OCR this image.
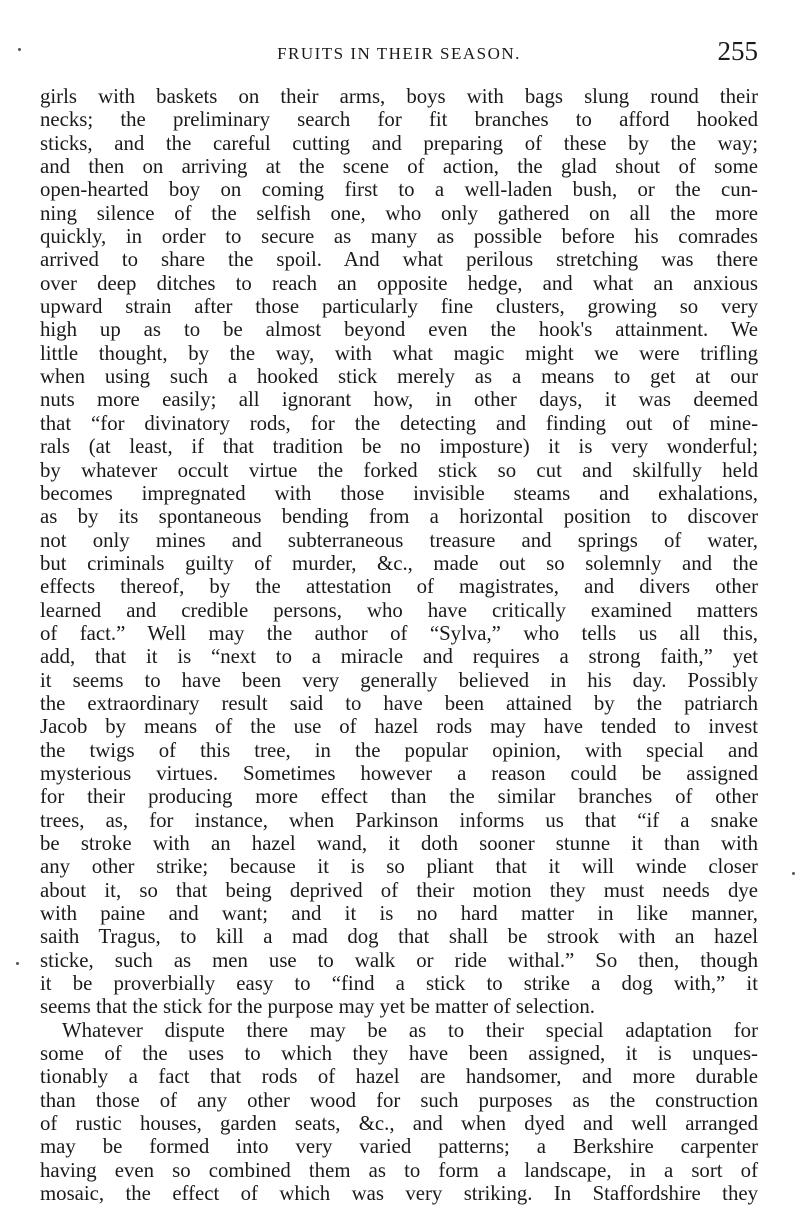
FRUITS IN THEIR SEASON.	255
girls with baskets on their arms, boys with bags slung round their
necks; the preliminary search for fit branches to afford hooked
sticks, and the careful cutting and preparing of these by the way;
and then on arriving at the scene of action, the glad shout of some
open-hearted boy on coming first to a well-laden bush, or the cun-
ning silence of the selfish one, who only gathered on all the more
quickly, in order to secure as many as possible before his comrades
arrived to share the spoil. And what perilous stretching was there
over deep ditches to reach an opposite hedge, and what an anxious
upward strain after those particularly fine clusters, growing so very
high up as to be almost beyond even the hook's attainment. We
little thought, by the way, with what magic might we were trifling
when using such a hooked stick merely as a means to get at our
nuts more easily; all ignorant how, in other days, it was deemed
that “for divinatory rods, for the detecting and finding out of mine-
rals (at least, if that tradition be no imposture) it is very wonderful;
by whatever occult virtue the forked stick so cut and skilfully held
becomes impregnated with those invisible steams and exhalations,
as by its spontaneous bending from a horizontal position to discover
not only mines and subterraneous treasure and springs of water,
but criminals guilty of murder, &c., made out so solemnly and the
effects thereof, by the attestation of magistrates, and divers other
learned and credible persons, who have critically examined matters
of fact.” Well may the author of “Sylva,” who tells us all this,
add, that it is “next to a miracle and requires a strong faith,” yet
it seems to have been very generally believed in his day. Possibly
the extraordinary result said to have been attained by the patriarch
Jacob by means of the use of hazel rods may have tended to invest
the twigs of this tree, in the popular opinion, with special and
mysterious virtues. Sometimes however a reason could be assigned
for their producing more effect than the similar branches of other
trees, as, for instance, when Parkinson informs us that “if a snake
be stroke with an hazel wand, it doth sooner stunne it than with
any other strike; because it is so pliant that it will winde closer
about it, so that being deprived of their motion they must needs dye
with paine and want; and it is no hard matter in like manner,
saith Tragus, to kill a mad dog that shall be strook with an hazel
sticke, such as men use to walk or ride withal.” So then, though
it be proverbially easy to “find a stick to strike a dog with,” it
seems that the stick for the purpose may yet be matter of selection.
Whatever dispute there may be as to their special adaptation for
some of the uses to which they have been assigned, it is unques-
tionably a fact that rods of hazel are handsomer, and more durable
than those of any other wood for such purposes as the construction
of rustic houses, garden seats, &c., and when dyed and well arranged
may be formed into very varied patterns; a Berkshire carpenter
having even so combined them as to form a landscape, in a sort of
mosaic, the effect of which was very striking. In Staffordshire they
